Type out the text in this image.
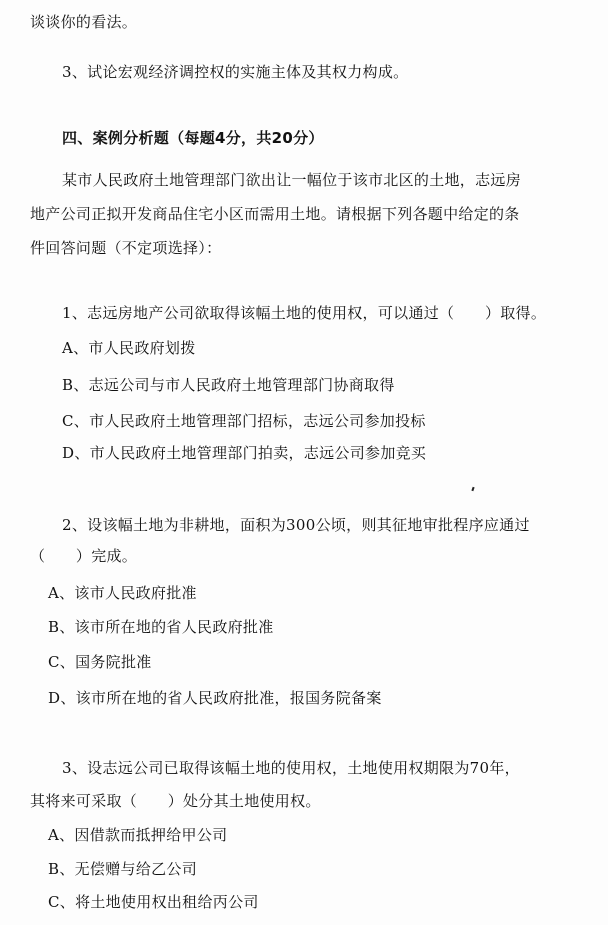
谈谈你的看法。
3、试论宏观经济调控权的实施主体及其权力构成。
四、案例分析题（每题4分，共20分）
某市人民政府土地管理部门欲出让一幅位于该市北区的土地，志远房
地产公司正拟开发商品住宅小区而需用土地。请根据下列各题中给定的条
件回答问题（不定项选择）：
1、志远房地产公司欲取得该幅土地的使用权，可以通过（　　）取得。
A、市人民政府划拨
B、志远公司与市人民政府土地管理部门协商取得
C、市人民政府土地管理部门招标，志远公司参加投标
D、市人民政府土地管理部门拍卖，志远公司参加竞买
2、设该幅土地为非耕地，面积为300公顷，则其征地审批程序应通过
（　　）完成。
A、该市人民政府批准
B、该市所在地的省人民政府批准
C、国务院批准
D、该市所在地的省人民政府批准，报国务院备案
3、设志远公司已取得该幅土地的使用权，土地使用权期限为70年，
其将来可采取（　　）处分其土地使用权。
A、因借款而抵押给甲公司
B、无偿赠与给乙公司
C、将土地使用权出租给丙公司
